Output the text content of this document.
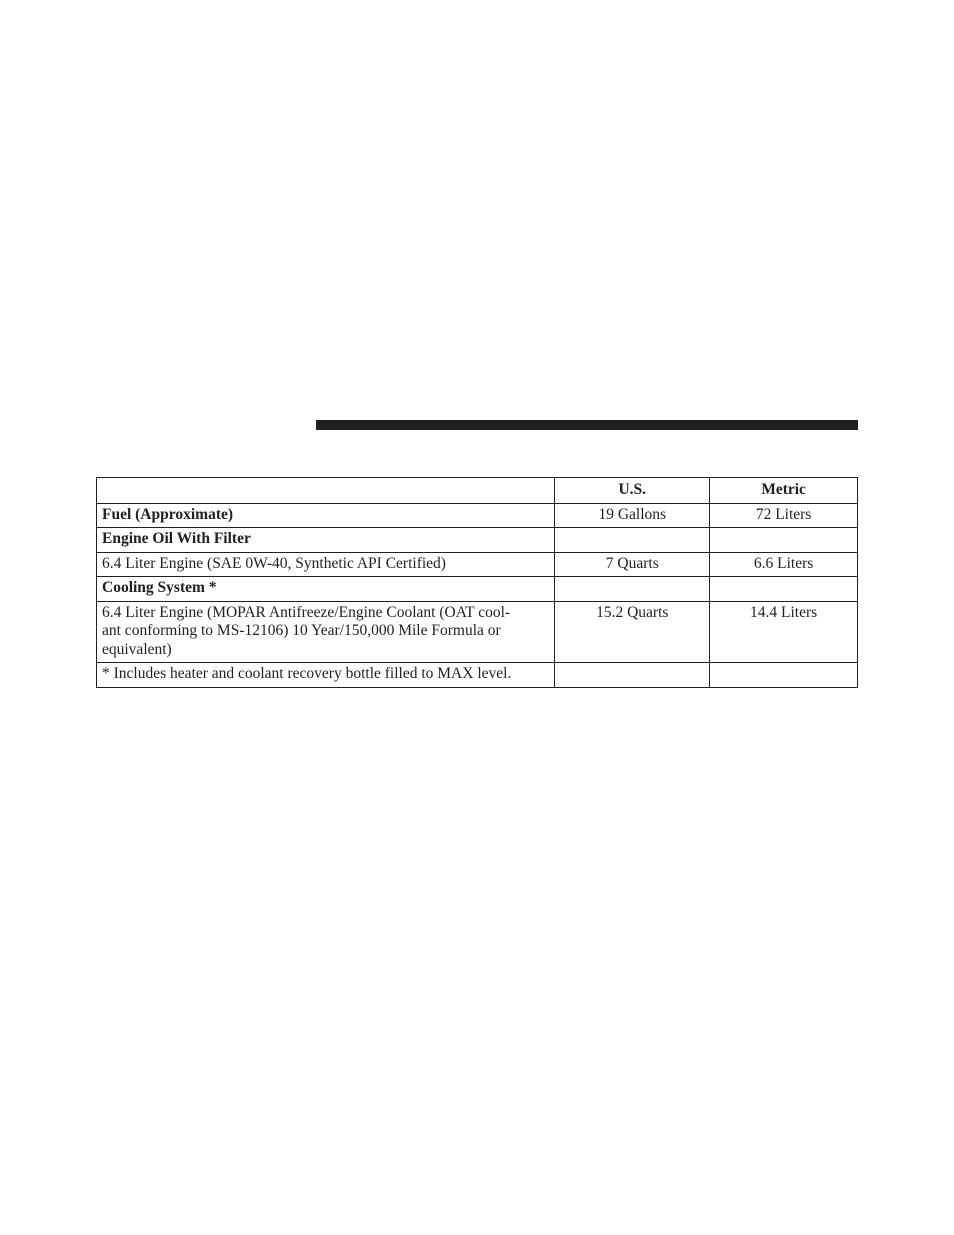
	U.S.	Metric
Fuel (Approximate)	19 Gallons	72 Liters
Engine Oil With Filter		
6.4 Liter Engine (SAE 0W-40, Synthetic API Certified)	7 Quarts	6.6 Liters
Cooling System *		

6.4 Liter Engine (MOPAR Antifreeze/Engine Coolant (OAT cool-
ant conforming to MS-12106) 10 Year/150,000 Mile Formula or
equivalent)	15.2 Quarts	14.4 Liters
* Includes heater and coolant recovery bottle filled to MAX level.		
